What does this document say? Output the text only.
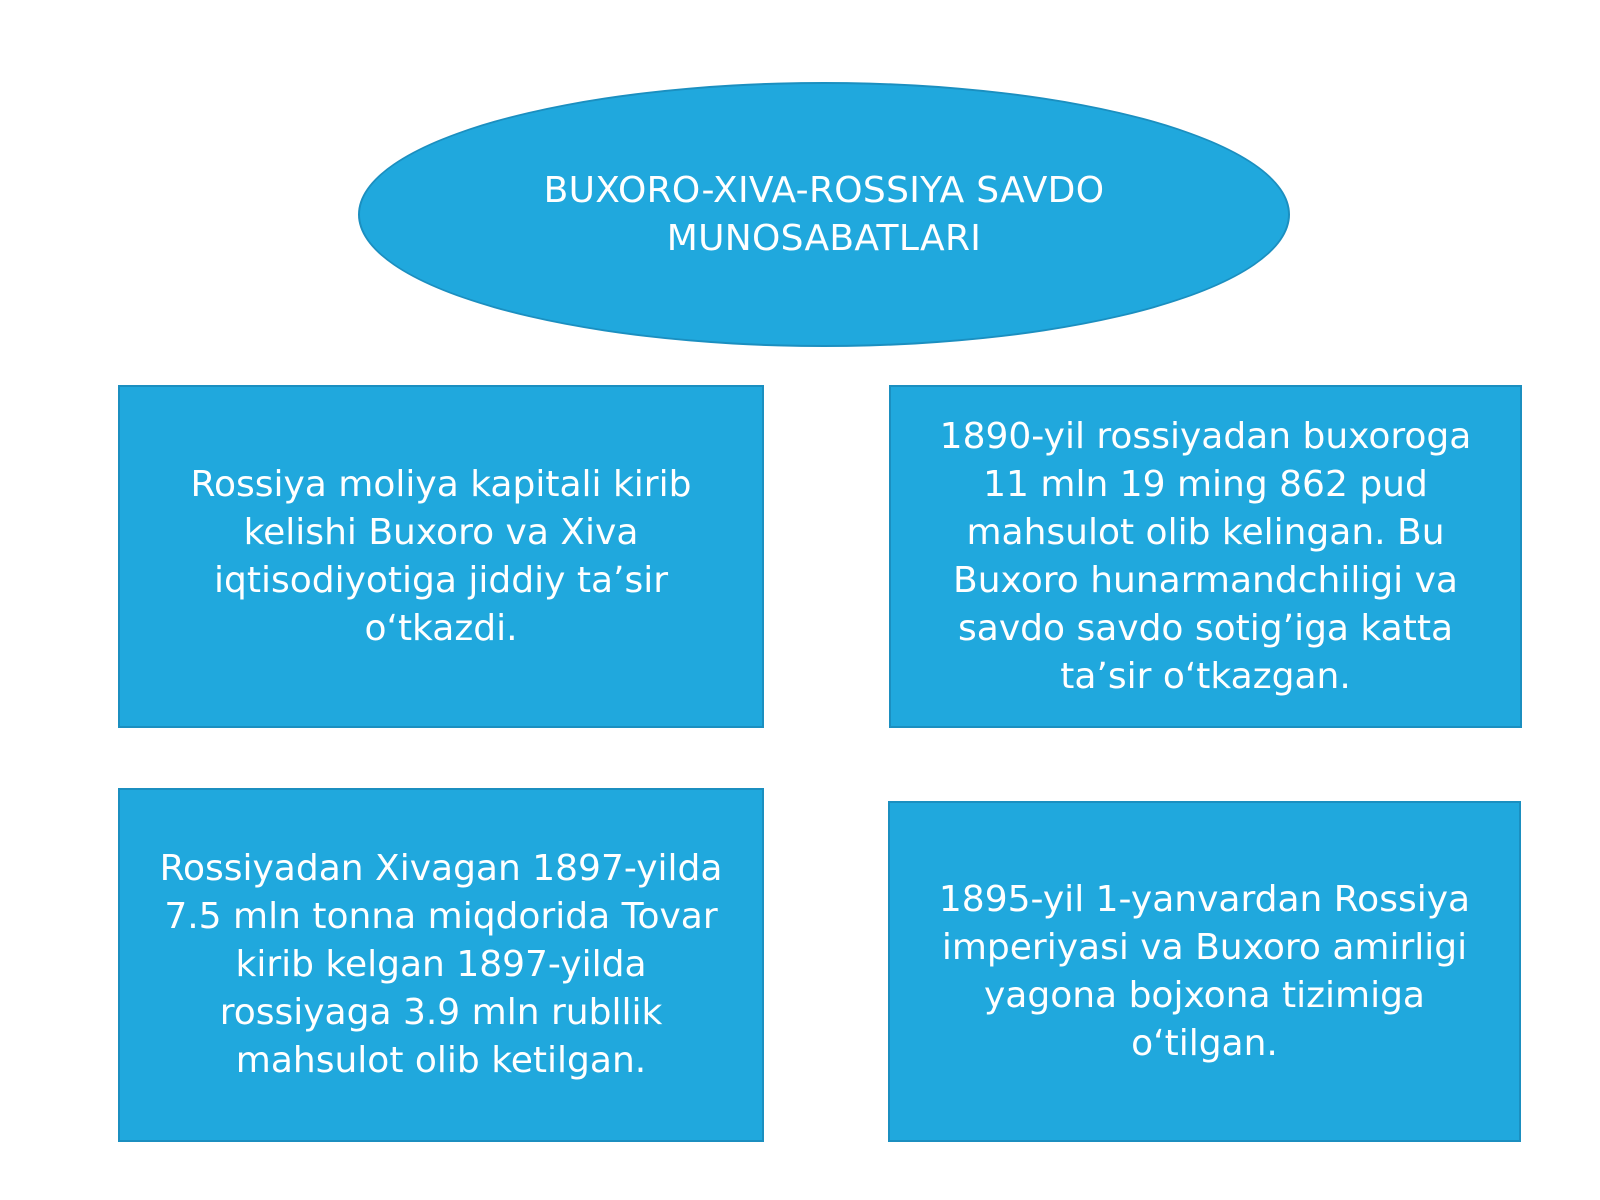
BUXORO-XIVA-ROSSIYA SAVDO
MUNOSABATLARI
Rossiya moliya kapitali kirib
kelishi Buxoro va Xiva
iqtisodiyotiga jiddiy ta’sir
o‘tkazdi.
1890-yil rossiyadan buxoroga
11 mln 19 ming 862 pud
mahsulot olib kelingan. Bu
Buxoro hunarmandchiligi va
savdo savdo sotig’iga katta
ta’sir o‘tkazgan.
Rossiyadan Xivagan 1897-yilda
7.5 mln tonna miqdorida Tovar
kirib kelgan 1897-yilda
rossiyaga 3.9 mln rubllik
mahsulot olib ketilgan.
1895-yil 1-yanvardan Rossiya
imperiyasi va Buxoro amirligi
yagona bojxona tizimiga
o‘tilgan.
